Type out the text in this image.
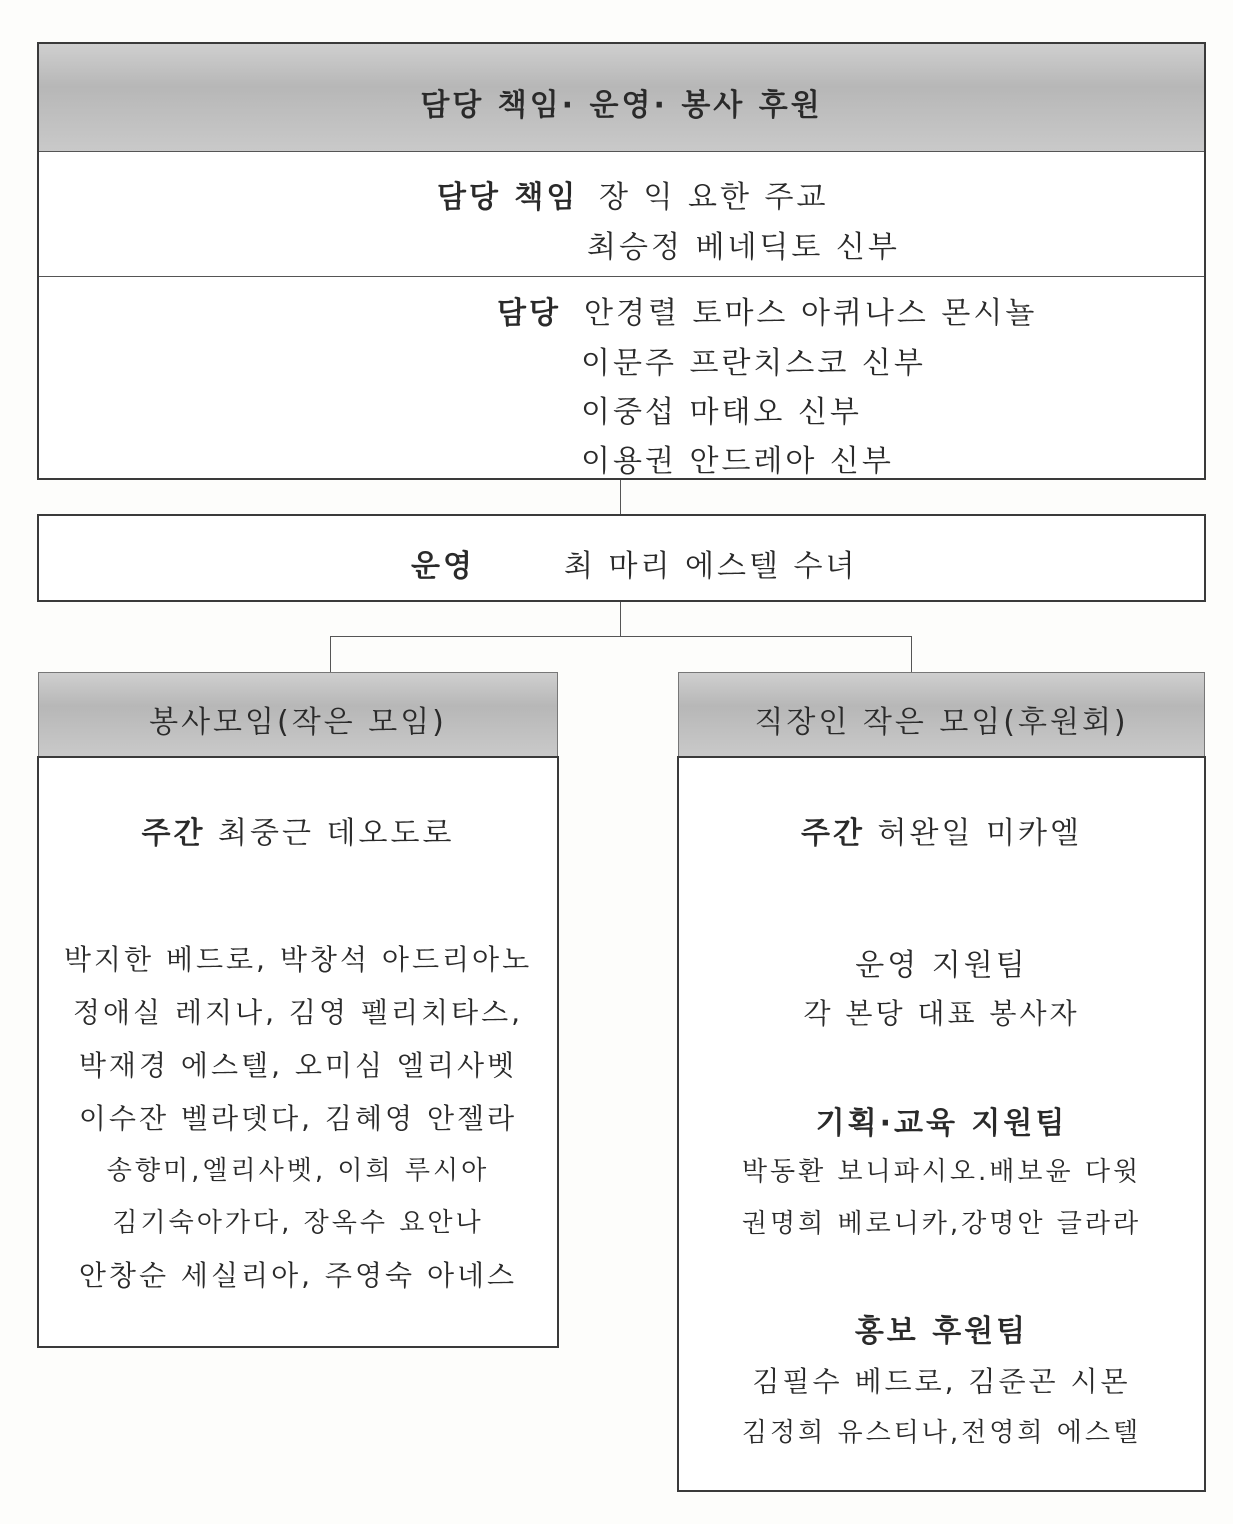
담당 책임· 운영· 봉사 후원
담당 책임 장 익 요한 주교
최승정 베네딕토 신부
담당 안경렬 토마스 아퀴나스 몬시뇰
이문주 프란치스코 신부
이중섭 마태오 신부
이용권 안드레아 신부
운영	최 마리 에스텔 수녀
봉사모임(작은 모임)
주간 최중근 데오도로
박지한 베드로, 박창석 아드리아노
정애실 레지나, 김영 펠리치타스,
박재경 에스텔, 오미심 엘리사벳
이수잔 벨라뎃다, 김혜영 안젤라
송향미,엘리사벳, 이희 루시아
김기숙아가다, 장옥수 요안나
안창순 세실리아, 주영숙 아네스
직장인 작은 모임(후원회)
주간 허완일 미카엘
운영 지원팀
각 본당 대표 봉사자
기획·교육 지원팀
박동환 보니파시오.배보윤 다윗
권명희 베로니카,강명안 글라라
홍보 후원팀
김필수 베드로, 김준곤 시몬
김정희 유스티나,전영희 에스텔
